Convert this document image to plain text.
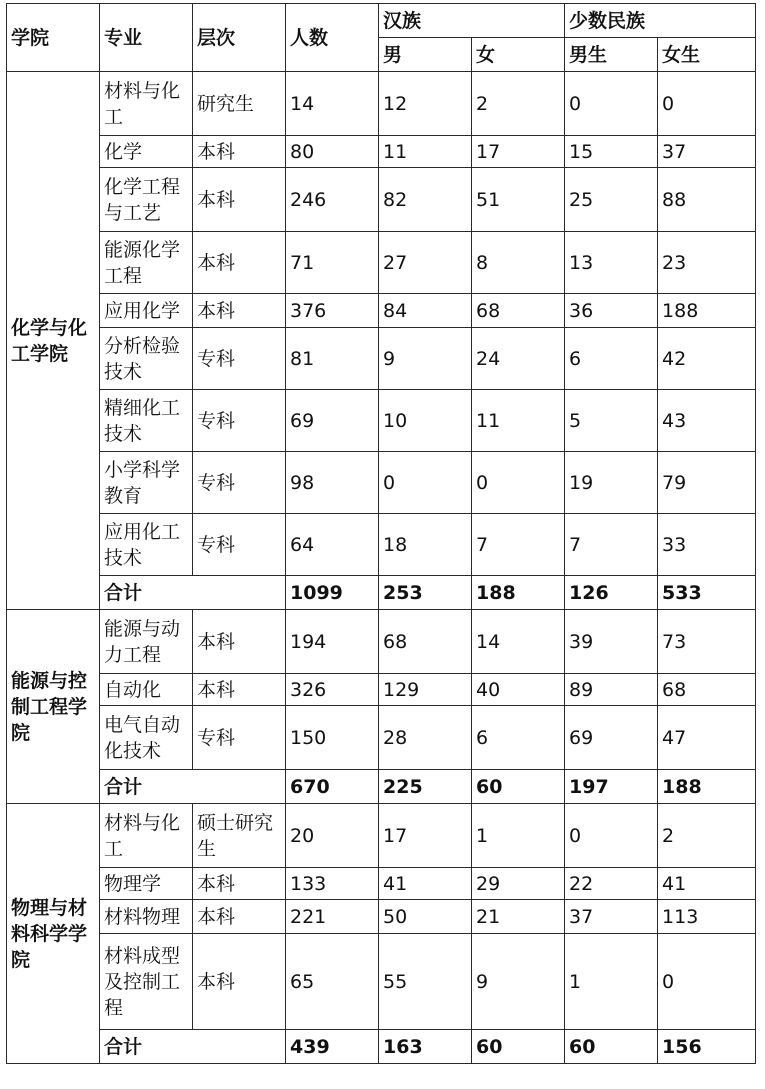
学院	专业	层次	人数	汉族		少数民族	
				男	女	男生	女生
化学与化工学院	材料与化工	研究生	14	12	2	0	0
	化学	本科	80	11	17	15	37
	化学工程与工艺	本科	246	82	51	25	88
	能源化学工程	本科	71	27	8	13	23
	应用化学	本科	376	84	68	36	188
	分析检验技术	专科	81	9	24	6	42
	精细化工技术	专科	69	10	11	5	43
	小学科学教育	专科	98	0	0	19	79
	应用化工技术	专科	64	18	7	7	33
	合计		1099	253	188	126	533
能源与控制工程学院	能源与动力工程	本科	194	68	14	39	73
	自动化	本科	326	129	40	89	68
	电气自动化技术	专科	150	28	6	69	47
	合计		670	225	60	197	188
物理与材料科学学院	材料与化工	硕士研究生	20	17	1	0	2
	物理学	本科	133	41	29	22	41
	材料物理	本科	221	50	21	37	113
	材料成型及控制工程	本科	65	55	9	1	0
	合计		439	163	60	60	156
